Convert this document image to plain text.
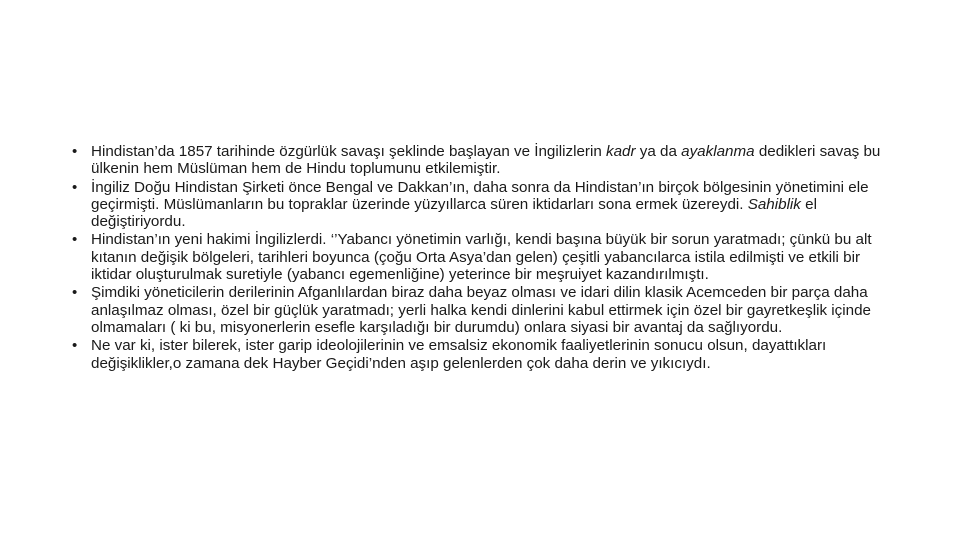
• Hindistan’da 1857 tarihinde özgürlük savaşı şeklinde başlayan ve İngilizlerin kadr ya da ayaklanma dedikleri savaş bu ülkenin hem Müslüman hem de Hindu toplumunu etkilemiştir.
• İngiliz Doğu Hindistan Şirketi önce Bengal ve Dakkan’ın, daha sonra da Hindistan’ın birçok bölgesinin yönetimini ele geçirmişti. Müslümanların bu topraklar üzerinde yüzyıllarca süren iktidarları sona ermek üzereydi. Sahiblik el değiştiriyordu.
• Hindistan’ın yeni hakimi İngilizlerdi. ‘’Yabancı yönetimin varlığı, kendi başına büyük bir sorun yaratmadı; çünkü bu alt kıtanın değişik bölgeleri, tarihleri boyunca (çoğu Orta Asya’dan gelen) çeşitli yabancılarca istila edilmişti ve etkili bir iktidar oluşturulmak suretiyle (yabancı egemenliğine) yeterince bir meşruiyet kazandırılmıştı.
• Şimdiki yöneticilerin derilerinin Afganlılardan biraz daha beyaz olması ve idari dilin klasik Acemceden bir parça daha anlaşılmaz olması, özel bir güçlük yaratmadı; yerli halka kendi dinlerini kabul ettirmek için özel bir gayretkeşlik içinde olmamaları ( ki bu, misyonerlerin esefle karşıladığı bir durumdu) onlara siyasi bir avantaj da sağlıyordu.
• Ne var ki, ister bilerek, ister garip ideolojilerinin ve emsalsiz ekonomik faaliyetlerinin sonucu olsun, dayattıkları değişiklikler,o zamana dek Hayber Geçidi’nden aşıp gelenlerden çok daha derin ve yıkıcıydı.
